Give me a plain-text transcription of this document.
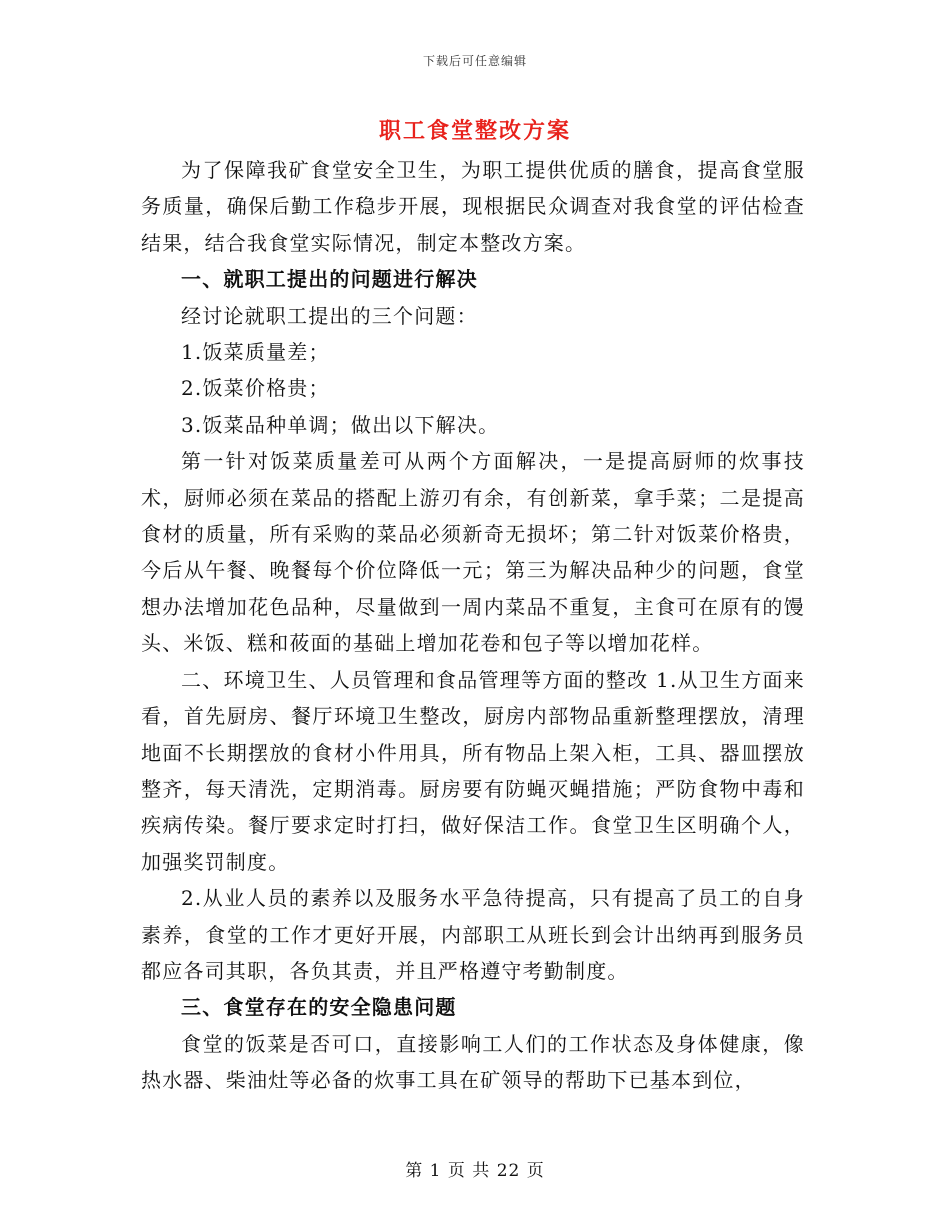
下载后可任意编辑
职工食堂整改方案

为了保障我矿食堂安全卫生，为职工提供优质的膳食，提高食堂服务质量，确保后勤工作稳步开展，现根据民众调查对我食堂的评估检查结果，结合我食堂实际情况，制定本整改方案。

一、就职工提出的问题进行解决

经讨论就职工提出的三个问题：

1.饭菜质量差；

2.饭菜价格贵；

3.饭菜品种单调；做出以下解决。

第一针对饭菜质量差可从两个方面解决，一是提高厨师的炊事技术，厨师必须在菜品的搭配上游刃有余，有创新菜，拿手菜；二是提高食材的质量，所有采购的菜品必须新奇无损坏；第二针对饭菜价格贵，今后从午餐、晚餐每个价位降低一元；第三为解决品种少的问题，食堂想办法增加花色品种，尽量做到一周内菜品不重复，主食可在原有的馒头、米饭、糕和莜面的基础上增加花卷和包子等以增加花样。

二、环境卫生、人员管理和食品管理等方面的整改 1.从卫生方面来看，首先厨房、餐厅环境卫生整改，厨房内部物品重新整理摆放，清理地面不长期摆放的食材小件用具，所有物品上架入柜，工具、器皿摆放整齐，每天清洗，定期消毒。厨房要有防蝇灭蝇措施；严防食物中毒和疾病传染。餐厅要求定时打扫，做好保洁工作。食堂卫生区明确个人，加强奖罚制度。

2.从业人员的素养以及服务水平急待提高，只有提高了员工的自身素养，食堂的工作才更好开展，内部职工从班长到会计出纳再到服务员都应各司其职，各负其责，并且严格遵守考勤制度。

三、食堂存在的安全隐患问题

食堂的饭菜是否可口，直接影响工人们的工作状态及身体健康，像热水器、柴油灶等必备的炊事工具在矿领导的帮助下已基本到位，

第 1 页 共 22 页
